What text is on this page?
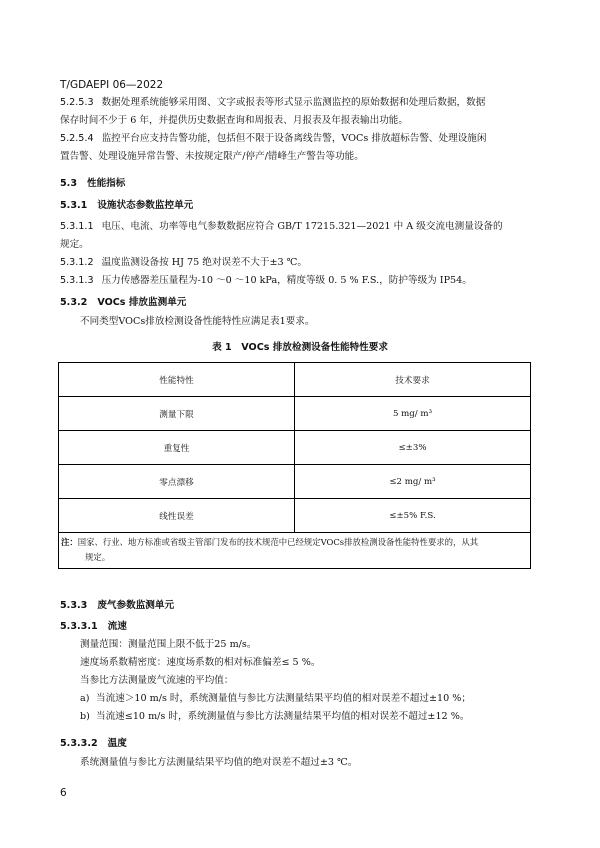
T/GDAEPI 06—2022
5.2.5.3 数据处理系统能够采用图、文字或报表等形式显示监测监控的原始数据和处理后数据，数据
保存时间不少于 6 年，并提供历史数据查询和周报表、月报表及年报表输出功能。
5.2.5.4 监控平台应支持告警功能，包括但不限于设备离线告警，VOCs 排放超标告警、处理设施闲
置告警、处理设施异常告警、未按规定限产/停产/错峰生产警告等功能。
5.3 性能指标
5.3.1 设施状态参数监控单元
5.3.1.1 电压、电流、功率等电气参数数据应符合 GB/T 17215.321—2021 中 A 级交流电测量设备的
规定。
5.3.1.2 温度监测设备按 HJ 75 绝对误差不大于±3 ℃。
5.3.1.3 压力传感器差压量程为-10 ～0 ～10 kPa，精度等级 0. 5 % F.S.，防护等级为 IP54。
5.3.2 VOCs 排放监测单元
不同类型VOCs排放检测设备性能特性应满足表1要求。
表 1　VOCs 排放检测设备性能特性要求
性能特性	技术要求
测量下限	5 mg/ m³
重复性	≤±3%
零点漂移	≤2 mg/ m³
线性误差	≤±5% F.S.

注：国家、行业、地方标准或省级主管部门发布的技术规范中已经规定VOCs排放检测设备性能特性要求的，从其
规定。	
5.3.3 废气参数监测单元
5.3.3.1 流速
测量范围：测量范围上限不低于25 m/s。
速度场系数精密度：速度场系数的相对标准偏差≤ 5 %。
当参比方法测量废气流速的平均值：
a) 当流速＞10 m/s 时，系统测量值与参比方法测量结果平均值的相对误差不超过±10 %；
b) 当流速≤10 m/s 时，系统测量值与参比方法测量结果平均值的相对误差不超过±12 %。
5.3.3.2 温度
系统测量值与参比方法测量结果平均值的绝对误差不超过±3 ℃。
6
